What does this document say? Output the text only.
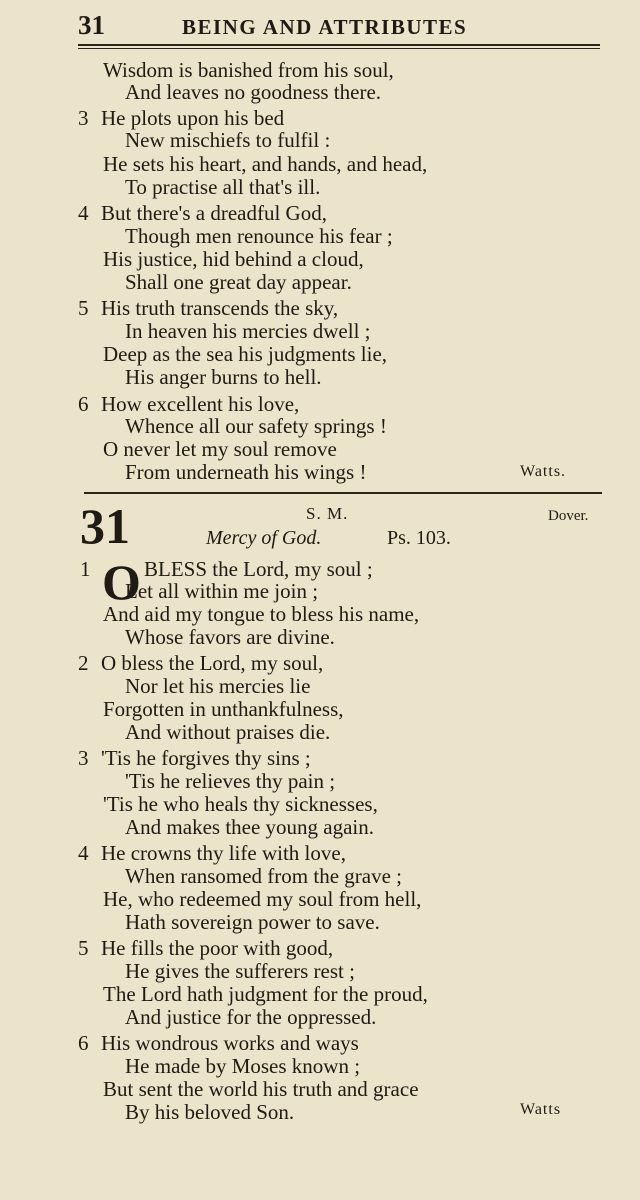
31	BEING AND ATTRIBUTES
Wisdom is banished from his soul,
And leaves no goodness there.
3 He plots upon his bed
New mischiefs to fulfil :
He sets his heart, and hands, and head,
To practise all that's ill.
4 But there's a dreadful God,
Though men renounce his fear ;
His justice, hid behind a cloud,
Shall one great day appear.
5 His truth transcends the sky,
In heaven his mercies dwell ;
Deep as the sea his judgments lie,
His anger burns to hell.
6 How excellent his love,
Whence all our safety springs !
O never let my soul remove
From underneath his wings !	Watts.
31	S. M.	Dover.
Mercy of God.	Ps. 103.
1 O BLESS the Lord, my soul ;
Let all within me join ;
And aid my tongue to bless his name,
Whose favors are divine.
2 O bless the Lord, my soul,
Nor let his mercies lie
Forgotten in unthankfulness,
And without praises die.
3 'Tis he forgives thy sins ;
'Tis he relieves thy pain ;
'Tis he who heals thy sicknesses,
And makes thee young again.
4 He crowns thy life with love,
When ransomed from the grave ;
He, who redeemed my soul from hell,
Hath sovereign power to save.
5 He fills the poor with good,
He gives the sufferers rest ;
The Lord hath judgment for the proud,
And justice for the oppressed.
6 His wondrous works and ways
He made by Moses known ;
But sent the world his truth and grace
By his beloved Son.	Watts
